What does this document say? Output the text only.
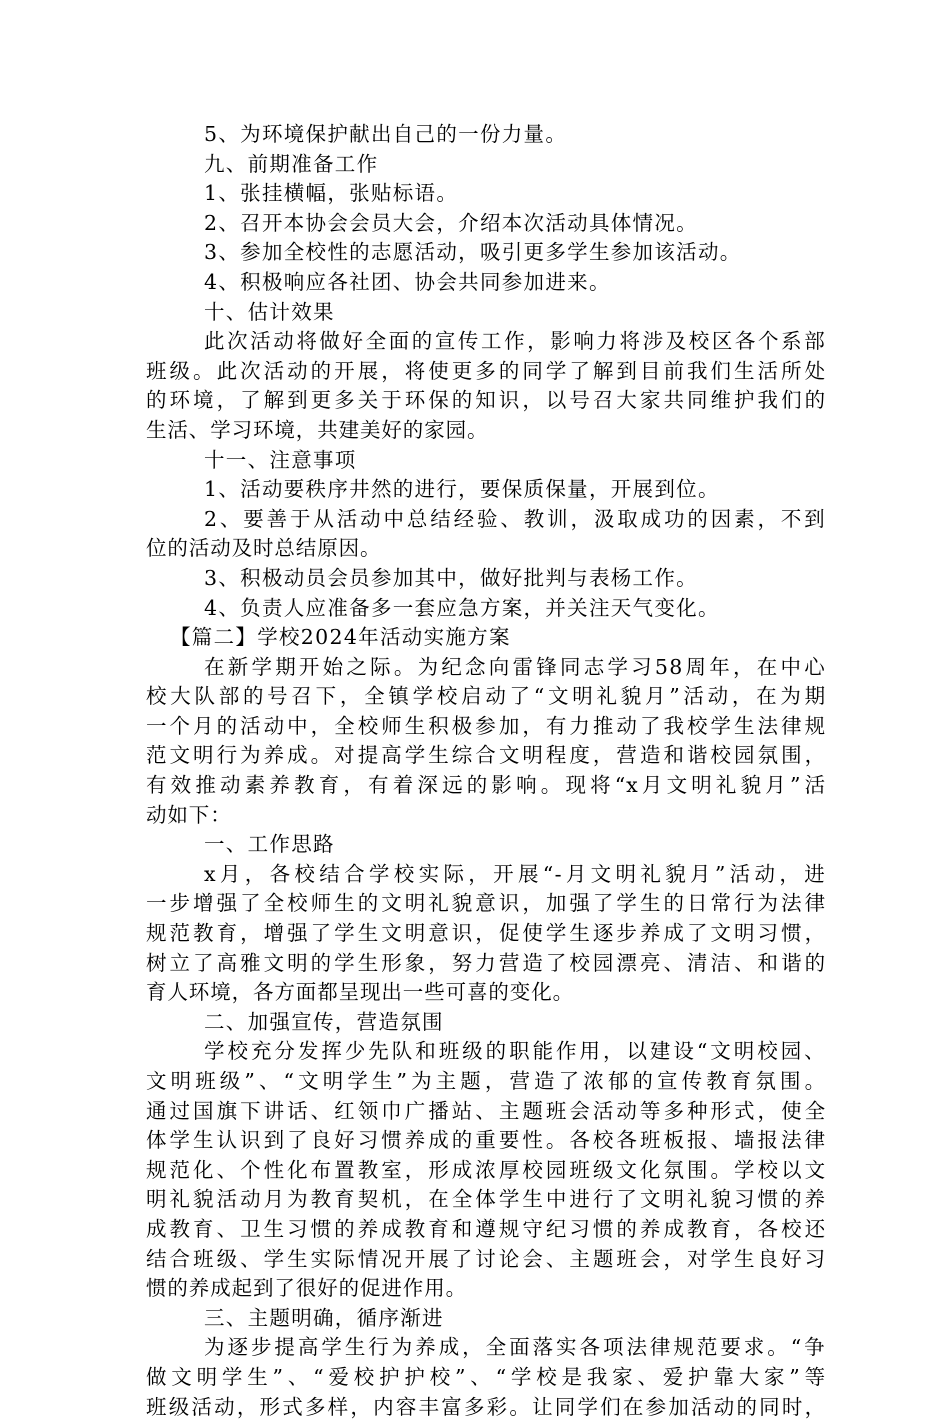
5、为环境保护献出自己的一份力量。
九、前期准备工作
1、张挂横幅，张贴标语。
2、召开本协会会员大会，介绍本次活动具体情况。
3、参加全校性的志愿活动，吸引更多学生参加该活动。
4、积极响应各社团、协会共同参加进来。
十、估计效果
此次活动将做好全面的宣传工作，影响力将涉及校区各个系部
班级。此次活动的开展，将使更多的同学了解到目前我们生活所处
的环境，了解到更多关于环保的知识，以号召大家共同维护我们的
生活、学习环境，共建美好的家园。
十一、注意事项
1、活动要秩序井然的进行，要保质保量，开展到位。
2、要善于从活动中总结经验、教训，汲取成功的因素，不到
位的活动及时总结原因。
3、积极动员会员参加其中，做好批判与表杨工作。
4、负责人应准备多一套应急方案，并关注天气变化。
【篇二】学校2024年活动实施方案
在新学期开始之际。为纪念向雷锋同志学习58周年，在中心
校大队部的号召下，全镇学校启动了“文明礼貌月”活动，在为期
一个月的活动中，全校师生积极参加，有力推动了我校学生法律规
范文明行为养成。对提高学生综合文明程度，营造和谐校园氛围，
有效推动素养教育，有着深远的影响。现将“x月文明礼貌月”活
动如下：
一、工作思路
x月，各校结合学校实际，开展“-月文明礼貌月”活动，进
一步增强了全校师生的文明礼貌意识，加强了学生的日常行为法律
规范教育，增强了学生文明意识，促使学生逐步养成了文明习惯，
树立了高雅文明的学生形象，努力营造了校园漂亮、清洁、和谐的
育人环境，各方面都呈现出一些可喜的变化。
二、加强宣传，营造氛围
学校充分发挥少先队和班级的职能作用，以建设“文明校园、
文明班级”、“文明学生”为主题，营造了浓郁的宣传教育氛围。
通过国旗下讲话、红领巾广播站、主题班会活动等多种形式，使全
体学生认识到了良好习惯养成的重要性。各校各班板报、墙报法律
规范化、个性化布置教室，形成浓厚校园班级文化氛围。学校以文
明礼貌活动月为教育契机，在全体学生中进行了文明礼貌习惯的养
成教育、卫生习惯的养成教育和遵规守纪习惯的养成教育，各校还
结合班级、学生实际情况开展了讨论会、主题班会，对学生良好习
惯的养成起到了很好的促进作用。
三、主题明确，循序渐进
为逐步提高学生行为养成，全面落实各项法律规范要求。“争
做文明学生”、“爱校护护校”、“学校是我家、爱护靠大家”等
班级活动，形式多样，内容丰富多彩。让同学们在参加活动的同时，
